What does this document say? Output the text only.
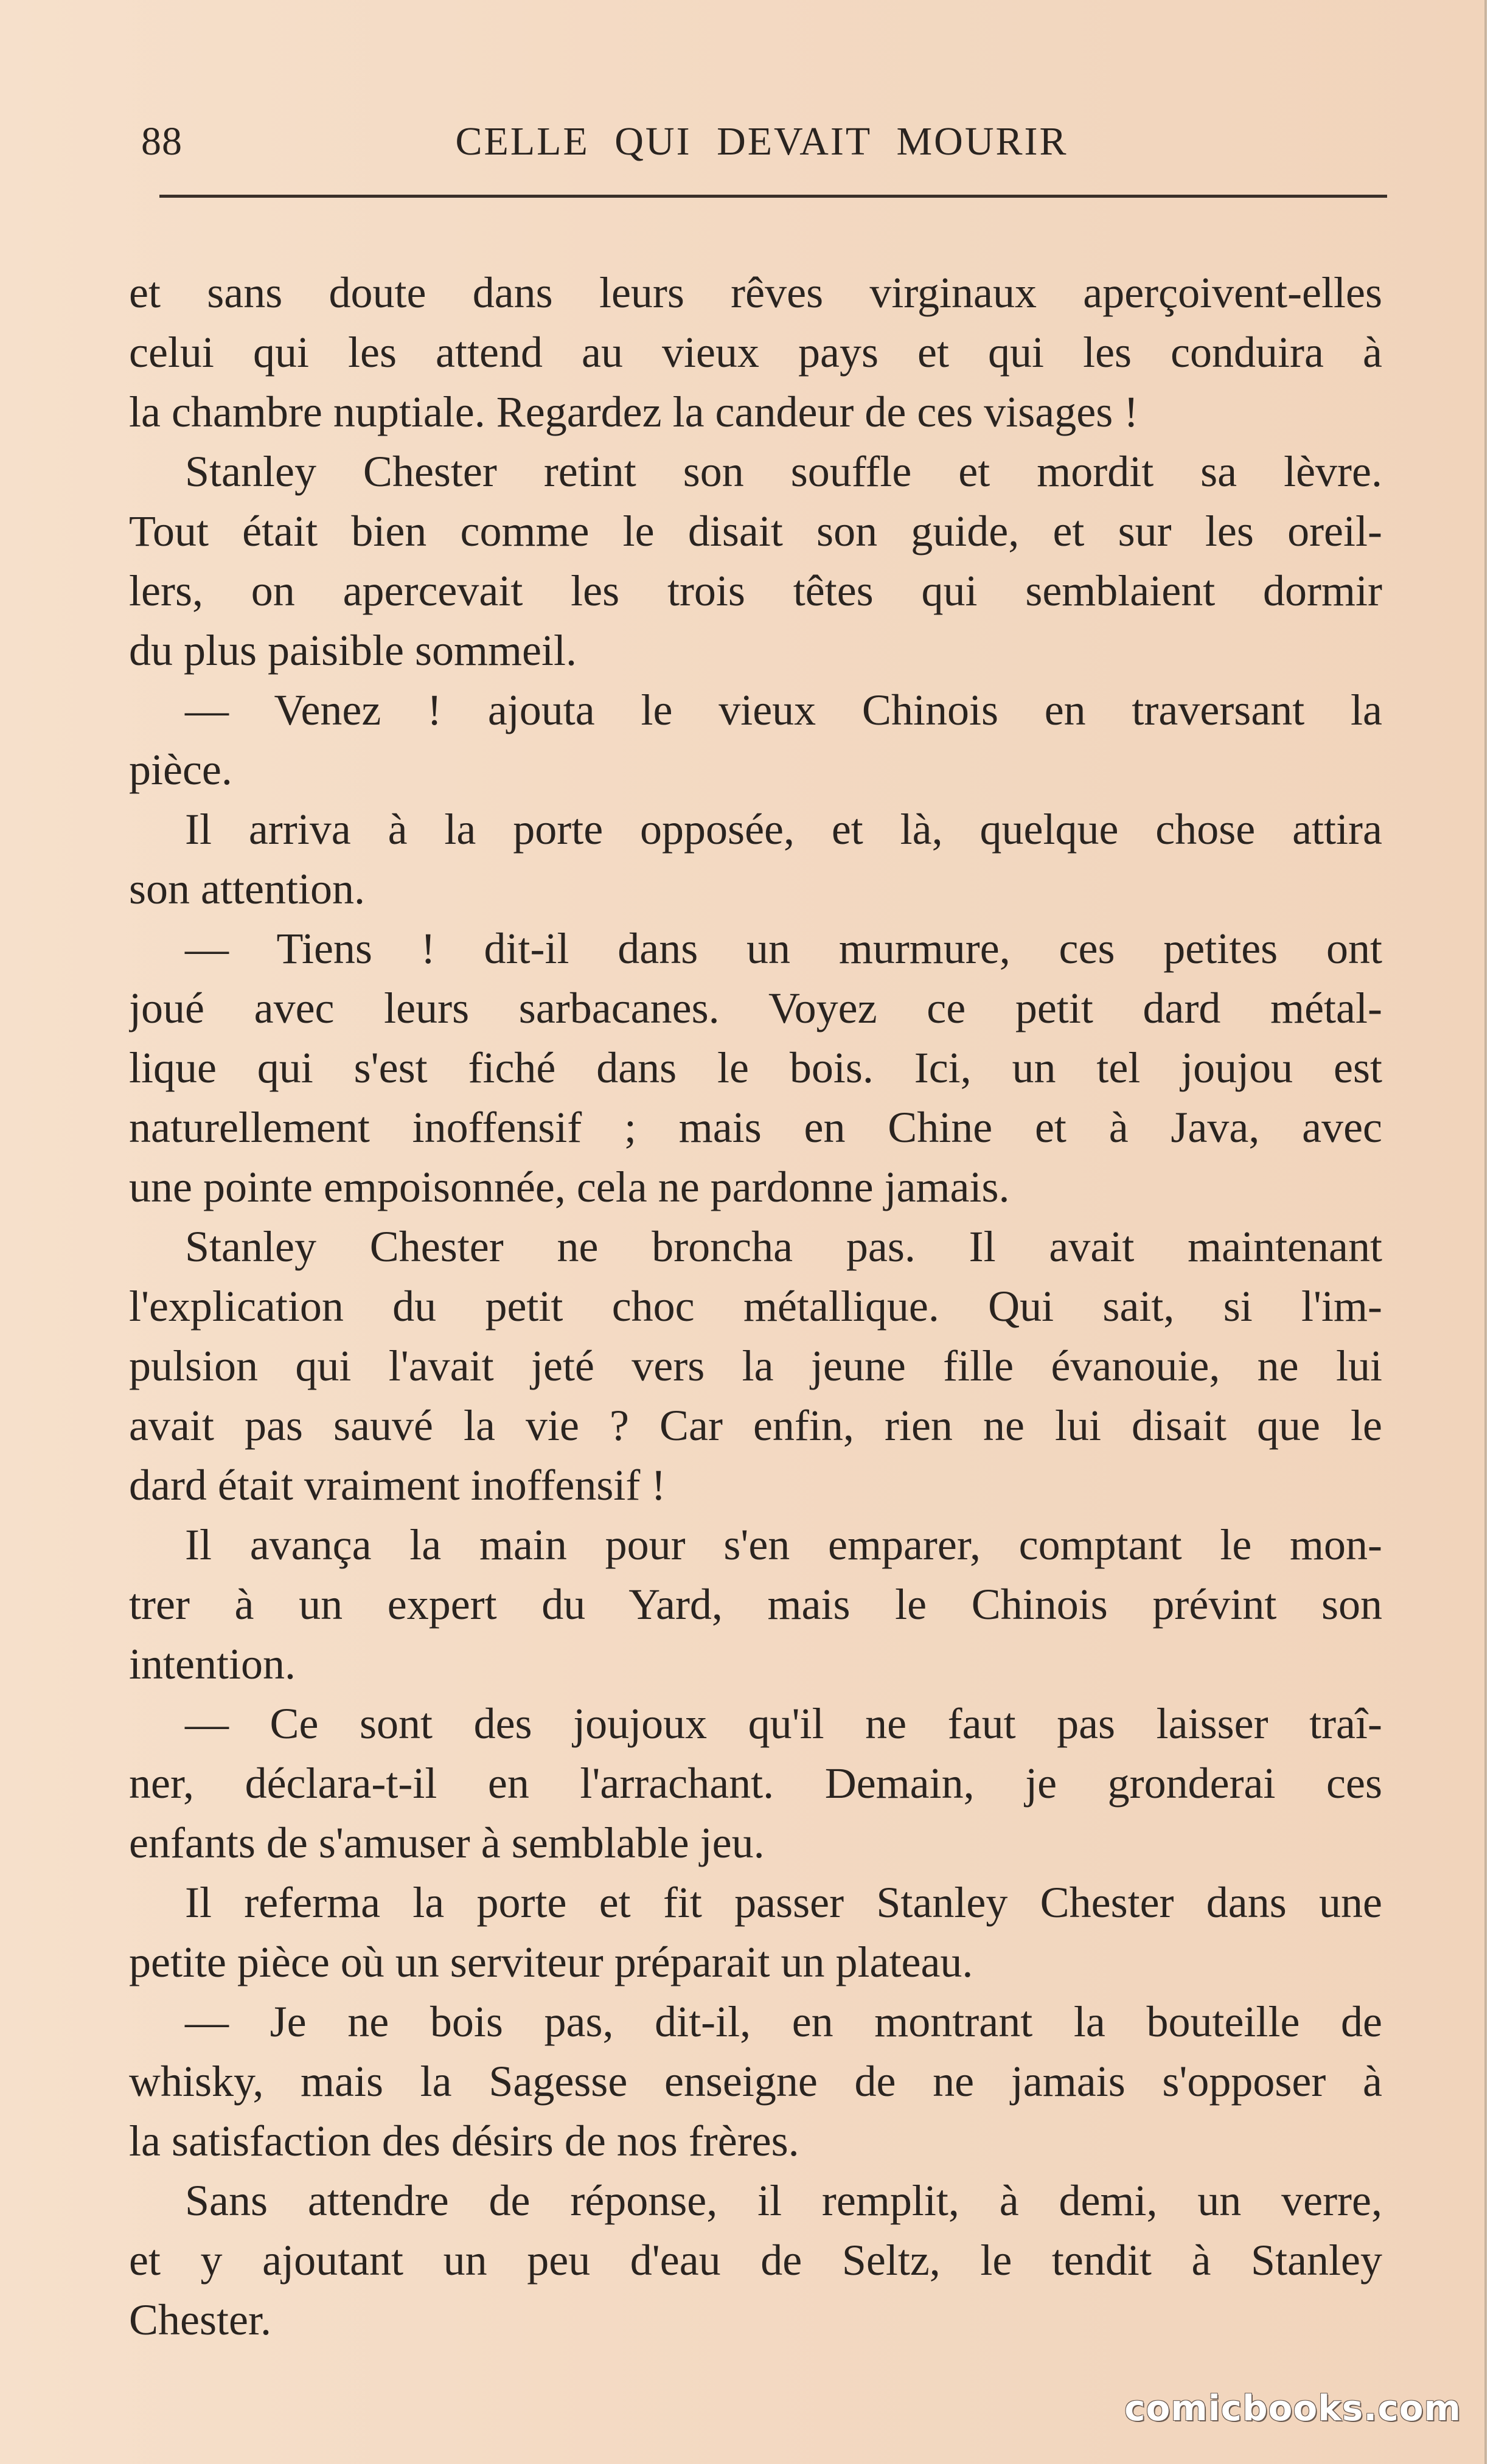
88	CELLE QUI DEVAIT MOURIR
et sans doute dans leurs rêves virginaux aperçoivent-elles
celui qui les attend au vieux pays et qui les conduira à
la chambre nuptiale. Regardez la candeur de ces visages !
Stanley Chester retint son souffle et mordit sa lèvre.
Tout était bien comme le disait son guide, et sur les oreil-
lers, on apercevait les trois têtes qui semblaient dormir
du plus paisible sommeil.
— Venez ! ajouta le vieux Chinois en traversant la
pièce.
Il arriva à la porte opposée, et là, quelque chose attira
son attention.
— Tiens ! dit-il dans un murmure, ces petites ont
joué avec leurs sarbacanes. Voyez ce petit dard métal-
lique qui s'est fiché dans le bois. Ici, un tel joujou est
naturellement inoffensif ; mais en Chine et à Java, avec
une pointe empoisonnée, cela ne pardonne jamais.
Stanley Chester ne broncha pas. Il avait maintenant
l'explication du petit choc métallique. Qui sait, si l'im-
pulsion qui l'avait jeté vers la jeune fille évanouie, ne lui
avait pas sauvé la vie ? Car enfin, rien ne lui disait que le
dard était vraiment inoffensif !
Il avança la main pour s'en emparer, comptant le mon-
trer à un expert du Yard, mais le Chinois prévint son
intention.
— Ce sont des joujoux qu'il ne faut pas laisser traî-
ner, déclara-t-il en l'arrachant. Demain, je gronderai ces
enfants de s'amuser à semblable jeu.
Il referma la porte et fit passer Stanley Chester dans une
petite pièce où un serviteur préparait un plateau.
— Je ne bois pas, dit-il, en montrant la bouteille de
whisky, mais la Sagesse enseigne de ne jamais s'opposer à
la satisfaction des désirs de nos frères.
Sans attendre de réponse, il remplit, à demi, un verre,
et y ajoutant un peu d'eau de Seltz, le tendit à Stanley
Chester.
comicbooks.com
